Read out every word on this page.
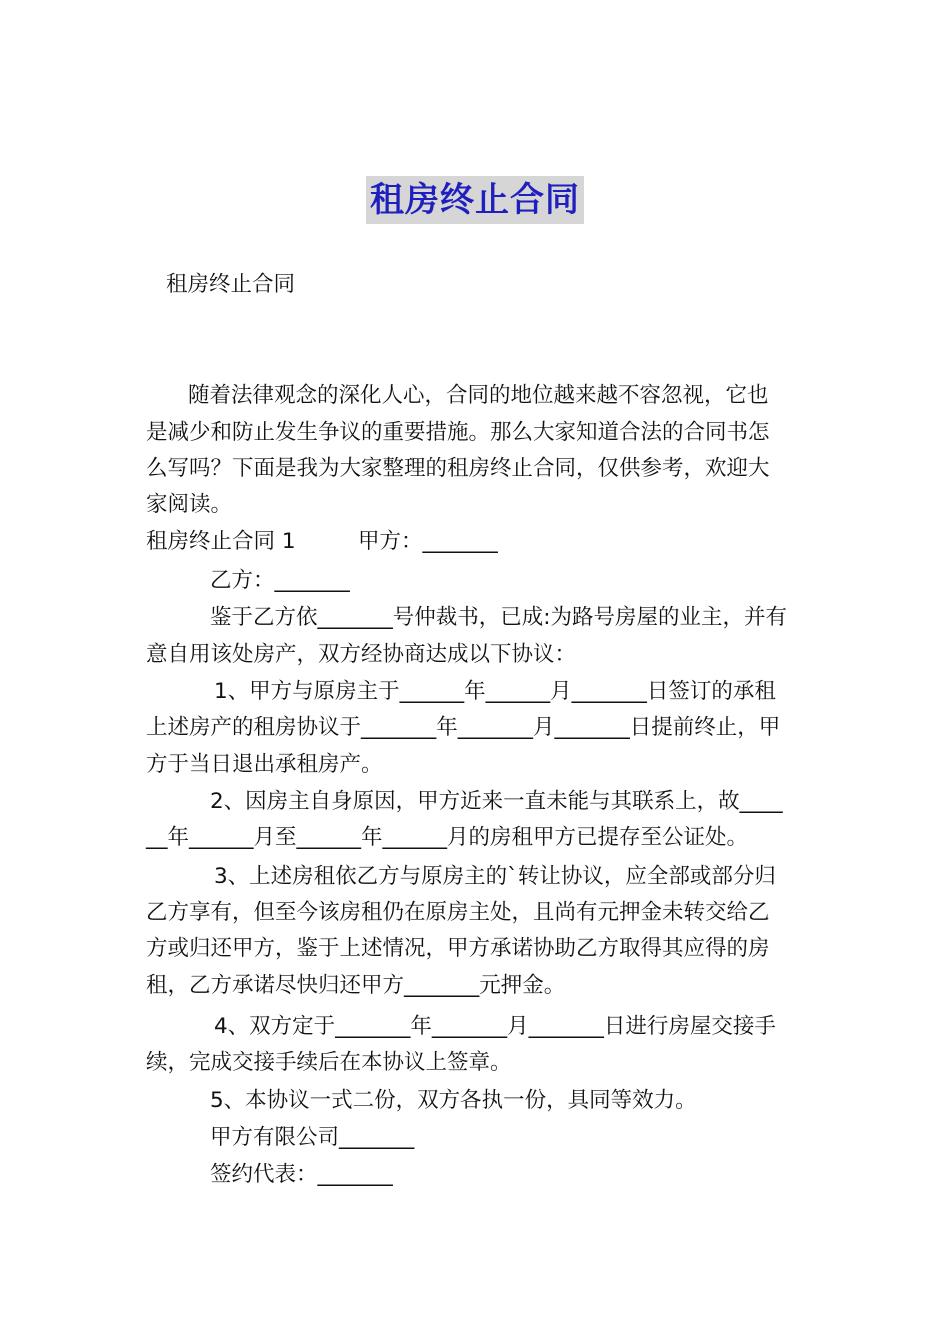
租房终止合同
租房终止合同
随着法律观念的深化人心，合同的地位越来越不容忽视，它也
是减少和防止发生争议的重要措施。那么大家知道合法的合同书怎
么写吗？下面是我为大家整理的租房终止合同，仅供参考，欢迎大
家阅读。
租房终止合同 1	甲方：_______
乙方：_______
鉴于乙方依_______号仲裁书，已成:为路号房屋的业主，并有
意自用该处房产，双方经协商达成以下协议：
1、甲方与原房主于______年______月_______日签订的承租
上述房产的租房协议于_______年_______月_______日提前终止，甲
方于当日退出承租房产。
2、因房主自身原因，甲方近来一直未能与其联系上，故____
__年______月至______年______月的房租甲方已提存至公证处。
3、上述房租依乙方与原房主的`转让协议，应全部或部分归
乙方享有，但至今该房租仍在原房主处，且尚有元押金未转交给乙
方或归还甲方，鉴于上述情况，甲方承诺协助乙方取得其应得的房
租，乙方承诺尽快归还甲方_______元押金。
4、双方定于_______年_______月_______日进行房屋交接手
续，完成交接手续后在本协议上签章。
5、本协议一式二份，双方各执一份，具同等效力。
甲方有限公司_______
签约代表：_______
